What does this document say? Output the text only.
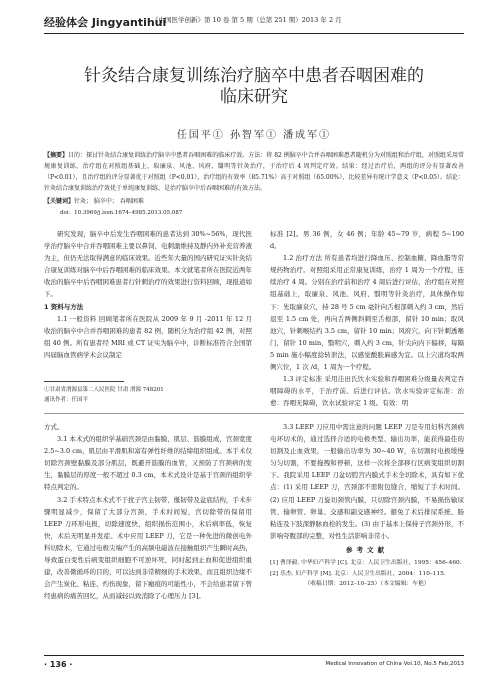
经验体会 Jingyantihui
《中国医学创新》第 10 卷 第 5 期（总第 251 期）2013 年 2 月
针灸结合康复训练治疗脑卒中患者吞咽困难的
临床研究
任国平① 孙智军① 潘成军①
【摘要】目的：探讨针灸结合康复训练治疗脑卒中患者吞咽困难的临床疗效。方法：将 82 例脑卒中合并吞咽困难患者随机分为对照组和治疗组，对照组采用常规康复训练，治疗组在对照组基础上，取廉泉、风池、风府、翳明等针灸治疗，于治疗后 4 周判定疗效。结果：经过治疗后，两组的评分有显著改善（P<0.01），且治疗组的评分显著优于对照组（P<0.01），治疗组的有效率（85.71%）高于对照组（65.00%），比较差异有统计学意义（P<0.05）。结论：针灸结合康复训练治疗效优于单纯康复训练，是治疗脑卒中后吞咽困难的有效方法。
【关键词】针灸； 脑卒中； 吞咽困难
doi：10.3969/j.issn.1674–4985.2013.05.087

研究发现，脑卒中后发生吞咽困难的患者达到 30%~56%，现代医学治疗脑卒中合并吞咽困难主要以鼻饲、电刺激维持及静内外补充营养液为主，但仍无法取得满意的临床效果。近些年大量的国内研究证实针灸结合康复训练对脑卒中后吞咽困难的临床效果。本文就笔者所在医院近两年收治的脑卒中后吞咽困难患者行针刺治疗的效果进行资料回顾，现报道如下。

1 资料与方法

1.1 一般资料 回顾笔者所在医院从 2009 年 9 月 -2011 年 12 月收治的脑卒中合并吞咽困难的患者 82 例，随机分为治疗组 42 例，对照组 40 例。所有患者经 MRI 或 CT 证实为脑卒中，诊断标准符合全国第四届脑血管病学术会议制定

①甘肃省渭源县第二人民医院 甘肃 渭源 748201
通讯作者：任国平

标准 [2]。男 36 例，女 46 例；年龄 45~79 岁，病程 5~190 d。

1.2 治疗方法 所有患者均进行降血压、控制血糖、降血脂等常规药物治疗。对照组采用正常康复训练，治疗 1 周为一个疗程，连续治疗 4 周。分别在治疗前和治疗 4 周后进行评估，治疗组在对照组基础上，取廉泉、风池、风府、翳明等针灸治疗，具体操作如下：先取廉泉穴，持 28 号 5 cm 毫针向舌根部刺入约 3 cm，然后退至 1.5 cm 处，再向舌两侧斜刺至舌根部，留针 10 min；取风池穴，针刺喉结约 3.5 cm，留针 10 min；风府穴，向下针刺透喉门，留针 10 min，翳明穴，刺入约 3 cm，针尖向内下偏移，每隔 5 min 施小幅度捻转泄法，以感觉酸胀麻感为宜。以上穴道均取两侧穴位，1 次 /d，1 周为一个疗程。

1.3 评定标准 采用洼田氏饮水实验和吞咽困难分级量表判定吞咽障碍的水平，于治疗前、后进行评估。饮水实验评定标准：治愈：吞咽无障碍，饮水试验评定 1 级。有效：明

方式。

3.1 本术式的组织学基础宫颈是由黏膜、肌层、筋膜组成，宫颈宽度 2.5~3.0 cm，肌层由平滑肌和富有弹性纤维的结缔组织组成。本手术仅切除宫颈壁黏膜及部分肌层，既避开筋膜的血管，又预防了宫颈病的发生，黏膜层的厚度一般不超过 0.3 cm，本术式设计是基于宫颈的组织学特点判定的。

3.2 手术特点本术式不于扰子宫主韧带、骶韧带及盆底结构，手术步骤明显减少，保留了大部分宫颈，手术时间短，宫切除带的保留用 LEEP 刀环形电极，切除速度快，组织损伤范围小，术后病率低，恢复快，术后无明显并发症。术中应用 LEEP 刀，它是一种先进的微创电外科切除术，它通过电极尖端产生的高频电磁波在接触组织产生瞬时高热，导致蛋白变性后病变组织细胞不可逆坏死，同时起到止血和促进组织重建，改善微循环的目的，可以达到非常精细的手术效果，而且组织边缘不会产生炭化、粘连、灼伤现象，留下瘢痕的可能性小，不会给患者留下曾经患病的痛苦回忆，从而减轻以致消除了心理压力 [3]。

3.3 LEEP 刀应用中需注意的问题 LEEP 刀是专用妇科宫颈病电环切术的，通过选择合适的电极类型、输出功率，能获得最佳的切割及止血效果，一般输出功率为 30~40 W，在切割时电极缓慢匀匀切割，不要拖拽和停顿，这样一次将全部移行区病变组织切割下。我院采用 LEEP 刀盆切腔宫内膜式手术全切除术，具有如下优点：(1) 采用 LEEP 刀，宫颈部不需附包缝合，缩短了手术时间。(2) 应用 LEEP 刀旋切颈管内膜，只切除宫颈内膜，不易损伤输尿管、输卵管、卵巢、交感和副交感神经。避免了术后排尿系统、肠粘连及下肢深静脉血栓的发生。(3) 由于基本上保持子宫颈外形，不影响夸腹部的完整，对性生活影响非常小。

参考文献

[1] 曹泽毅. 中华妇产科学 [C]. 北京：人民卫生出版社，1995：456–460.

[2] 乐杰. 妇产科学 [M]. 北京：人民卫生出版社，2004：110–115.

（收稿日期：2012–10–25）（本文编辑：车艳）

· 136 ·	Medical Innovation of China Vol.10, No.5 Feb,2013
